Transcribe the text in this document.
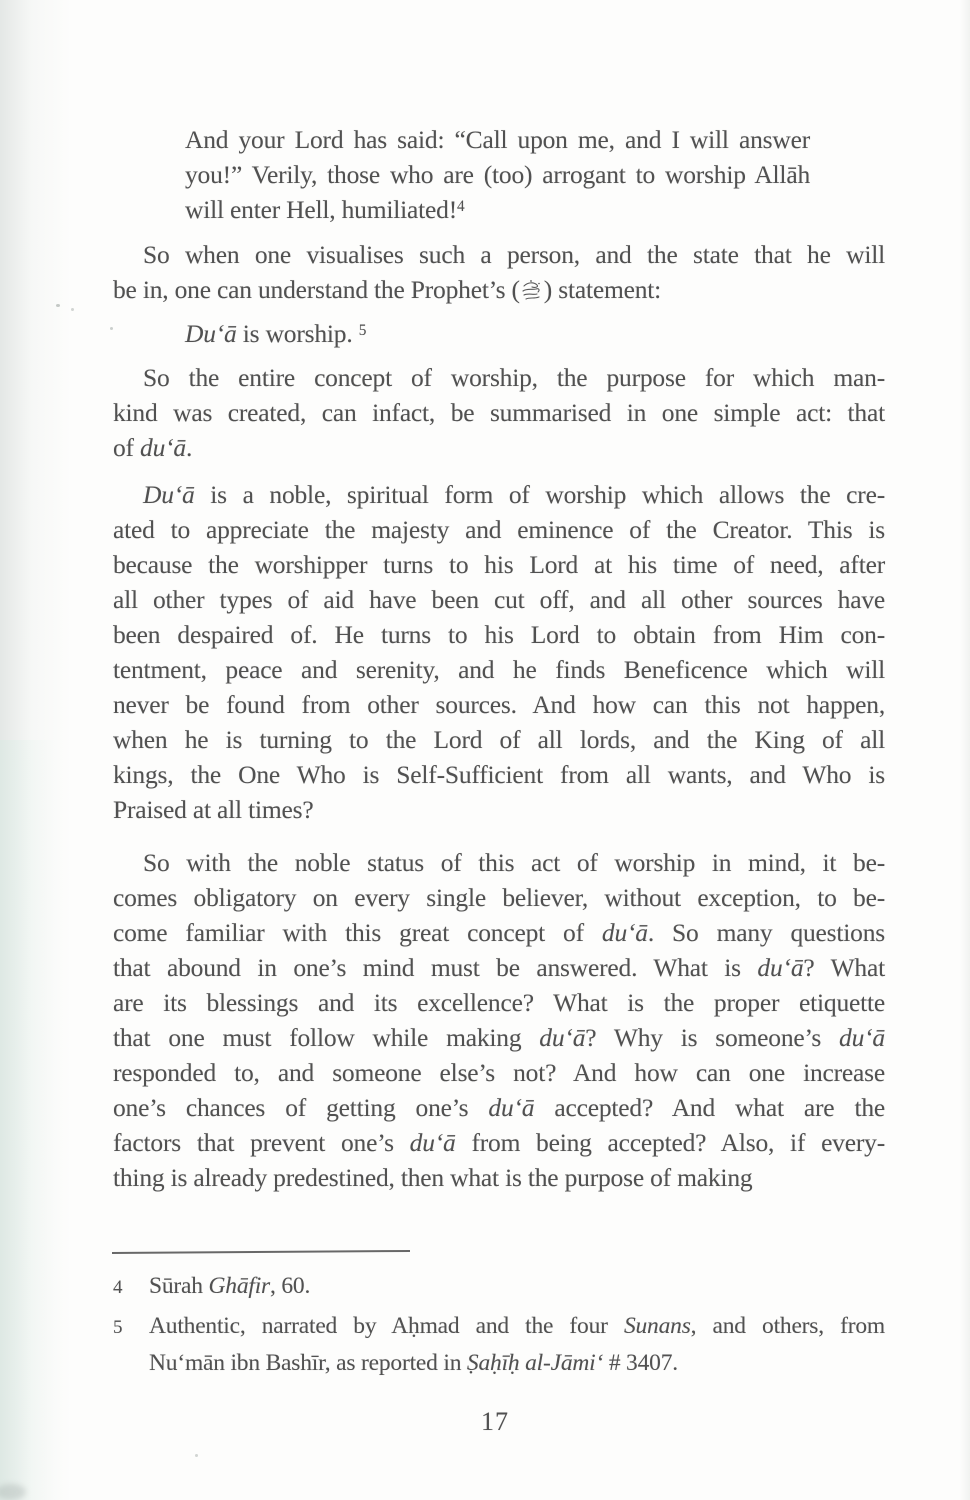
And your Lord has said: “Call upon me, and I will answer
you!” Verily, those who are (too) arrogant to worship Allāh
will enter Hell, humiliated!$^4$
So when one visualises such a person, and the state that he will
be in, one can understand the Prophet’s ( ) statement:
Du‘ā is worship. $^5$
So the entire concept of worship, the purpose for which man-
kind was created, can infact, be summarised in one simple act: that
of du‘ā.
Du‘ā is a noble, spiritual form of worship which allows the cre-
ated to appreciate the majesty and eminence of the Creator. This is
because the worshipper turns to his Lord at his time of need, after
all other types of aid have been cut off, and all other sources have
been despaired of. He turns to his Lord to obtain from Him con-
tentment, peace and serenity, and he finds Beneficence which will
never be found from other sources. And how can this not happen,
when he is turning to the Lord of all lords, and the King of all
kings, the One Who is Self-Sufficient from all wants, and Who is
Praised at all times?
So with the noble status of this act of worship in mind, it be-
comes obligatory on every single believer, without exception, to be-
come familiar with this great concept of du‘ā. So many questions
that abound in one’s mind must be answered. What is du‘ā? What
are its blessings and its excellence? What is the proper etiquette
that one must follow while making du‘ā? Why is someone’s du‘ā
responded to, and someone else’s not? And how can one increase
one’s chances of getting one’s du‘ā accepted? And what are the
factors that prevent one’s du‘ā from being accepted? Also, if every-
thing is already predestined, then what is the purpose of making
4	Sūrah Ghāfir, 60.
5	Authentic, narrated by Aḥmad and the four Sunans, and others, from
Nu‘mān ibn Bashīr, as reported in Ṣaḥīḥ al-Jāmi‘ # 3407.
17
